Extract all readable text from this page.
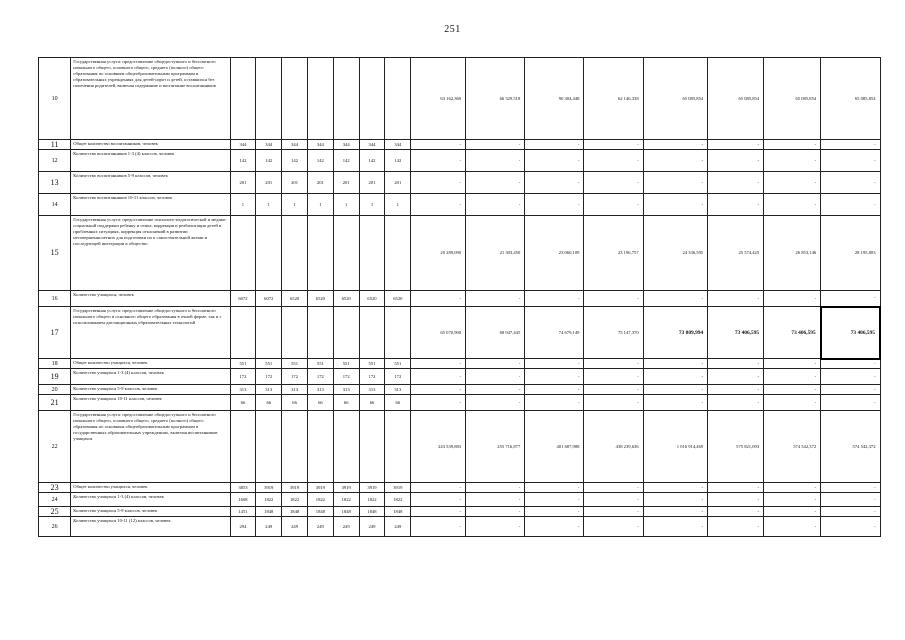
251
10	Государственная услуга: предоставление общедоступного и бесплатного начального общего, основного общего, среднего (полного) общего образования по основным общеобразовательным программам в образовательных учреждениях для детей-сирот и детей, оставшихся без попечения родителей, включая содержание и воспитание воспитанников								63 162,369	66 329,518	90 304,448	62 146,338	65 085,854	65 085,854	65 085,854	65 085,854
11	Общее количество воспитанников, человек	344	344	344	344	344	344	344	-	-	-	-	-	-	-	-
12	Количество воспитанников 1-3 (4) классов, человек	142	142	142	142	142	142	142	-	-	-	-	-	-	-	-
13	Количество воспитанников 5-9 классов, человек	201	201	201	201	201	201	201	-	-	-	-	-	-	-	-
14	Количество воспитанников 10-11 классов, человек	1	1	1	1	1	1	1	-	-	-	-	-	-	-	-
15	Государственная услуга: предоставление психолого-педагогической и медико-социальной поддержки ребенку и семье, коррекция и реабилитация детей в проблемных ситуациях, коррекция отклонений в развитии несовершеннолетних для подготовки их к самостоятельной жизни и последующей интеграции в общество								20 289,090	21 303,450	23 060,109	23 196,757	24 336,595	25 574,425	26 853,146	28 195,803
16	Количество учащихся, человек	6072	6072	6520	6520	6520	6520	6520	-	-	-	-	-	-	-	-
17	Государственная услуга: предоставление общедоступного и бесплатного начального общего и основного общего образования в очной форме, так и с использованием дистанционных образовательных технологий								65 070,900	68 947,445	74 679,149	75 147,370	73 809,994	73 406,595	73 406,595	73 406,595
18	Общее количество учащихся, человек	551	551	551	551	551	551	551	-	-	-	-	-	-	-	-
19	Количество учащихся 1-3 (4) классов, человек	172	172	172	172	172	172	172	-	-	-	-	-	-	-	-
20	Количество учащихся 5-9 классов, человек	313	313	313	313	313	313	313	-	-	-	-	-	-	-	-
21	Количество учащихся 10-11 классов, человек	66	66	66	66	66	66	66	-	-	-	-	-	-	-	-
22	Государственная услуга: предоставление общедоступного и бесплатного начального общего, основного общего, среднего (полного) общего образования по основным общеобразовательным программам в государственных образовательных учреждениях, включая воспитанников учащихся								243 539,883	255 716,877	401 687,988	438 239,636	1 016 914,469	575 821,093	574 542,372	574 542,372
23	Общее количество учащихся, человек	3853	3919	3919	3919	3919	3919	3919	-	-	-	-	-	-	-	-
24	Количество учащихся 1-3 (4) классов, человек	1608	1822	1822	1822	1822	1822	1822	-	-	-	-	-	-	-	-
25	Количество учащихся 5-9 классов, человек	1451	1848	1848	1848	1848	1848	1848	-	-	-	-	-	-	-	-
26	Количество учащихся 10-11 (12) классов, человек	294	249	249	249	249	249	249	-	-	-	-	-	-	-	-
